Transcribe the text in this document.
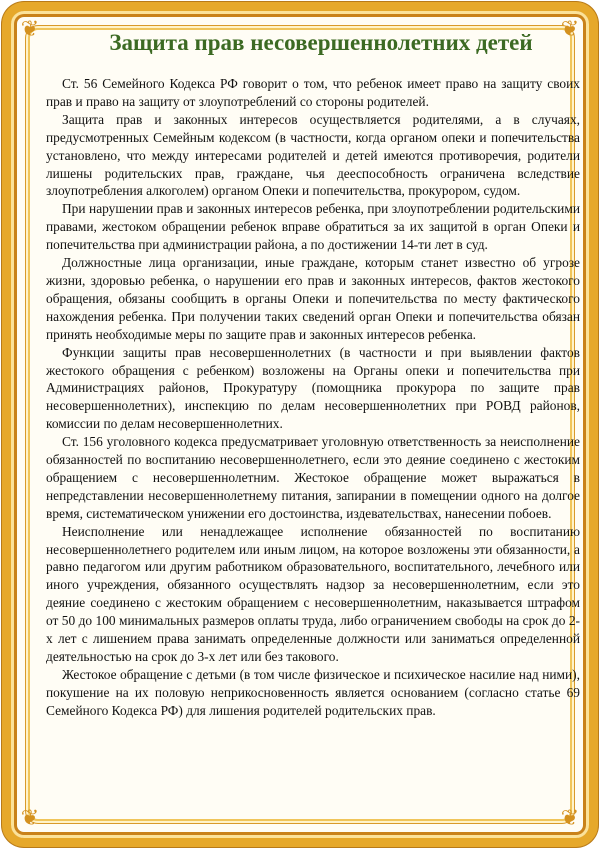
❦	❦
❦	❦
Защита прав несовершеннолетних детей

Ст. 56 Семейного Кодекса РФ говорит о том, что ребенок имеет право на защиту своих прав и право на защиту от злоупотреблений со стороны родителей.

Защита прав и законных интересов осуществляется родителями, а в случаях, предусмотренных Семейным кодексом (в частности, когда органом опеки и попечительства установлено, что между интересами родителей и детей имеются противоречия, родители лишены родительских прав, граждане, чья дееспособность ограничена вследствие злоупотребления алкоголем) органом Опеки и попечительства, прокурором, судом.

При нарушении прав и законных интересов ребенка, при злоупотреблении родительскими правами, жестоком обращении ребенок вправе обратиться за их защитой в орган Опеки и попечительства при администрации района, а по достижении 14-ти лет в суд.

Должностные лица организации, иные граждане, которым станет известно об угрозе жизни, здоровью ребенка, о нарушении его прав и законных интересов, фактов жестокого обращения, обязаны сообщить в органы Опеки и попечительства по месту фактического нахождения ребенка. При получении таких сведений орган Опеки и попечительства обязан принять необходимые меры по защите прав и законных интересов ребенка.

Функции защиты прав несовершеннолетних (в частности и при выявлении фактов жестокого обращения с ребенком) возложены на Органы опеки и попечительства при Администрациях районов, Прокуратуру (помощника прокурора по защите прав несовершеннолетних), инспекцию по делам несовершеннолетних при РОВД районов, комиссии по делам несовершеннолетних.

Ст. 156 уголовного кодекса предусматривает уголовную ответственность за неисполнение обязанностей по воспитанию несовершеннолетнего, если это деяние соединено с жестоким обращением с несовершеннолетним. Жестокое обращение может выражаться в непредставлении несовершеннолетнему питания, запирании в помещении одного на долгое время, систематическом унижении его достоинства, издевательствах, нанесении побоев.

Неисполнение или ненадлежащее исполнение обязанностей по воспитанию несовершеннолетнего родителем или иным лицом, на которое возложены эти обязанности, а равно педагогом или другим работником образовательного, воспитательного, лечебного или иного учреждения, обязанного осуществлять надзор за несовершеннолетним, если это деяние соединено с жестоким обращением с несовершеннолетним, наказывается штрафом от 50 до 100 минимальных размеров оплаты труда, либо ограничением свободы на срок до 2-х лет с лишением права занимать определенные должности или заниматься определенной деятельностью на срок до 3-х лет или без такового.

Жестокое обращение с детьми (в том числе физическое и психическое насилие над ними), покушение на их половую неприкосновенность является основанием (согласно статье 69 Семейного Кодекса РФ) для лишения родителей родительских прав.
